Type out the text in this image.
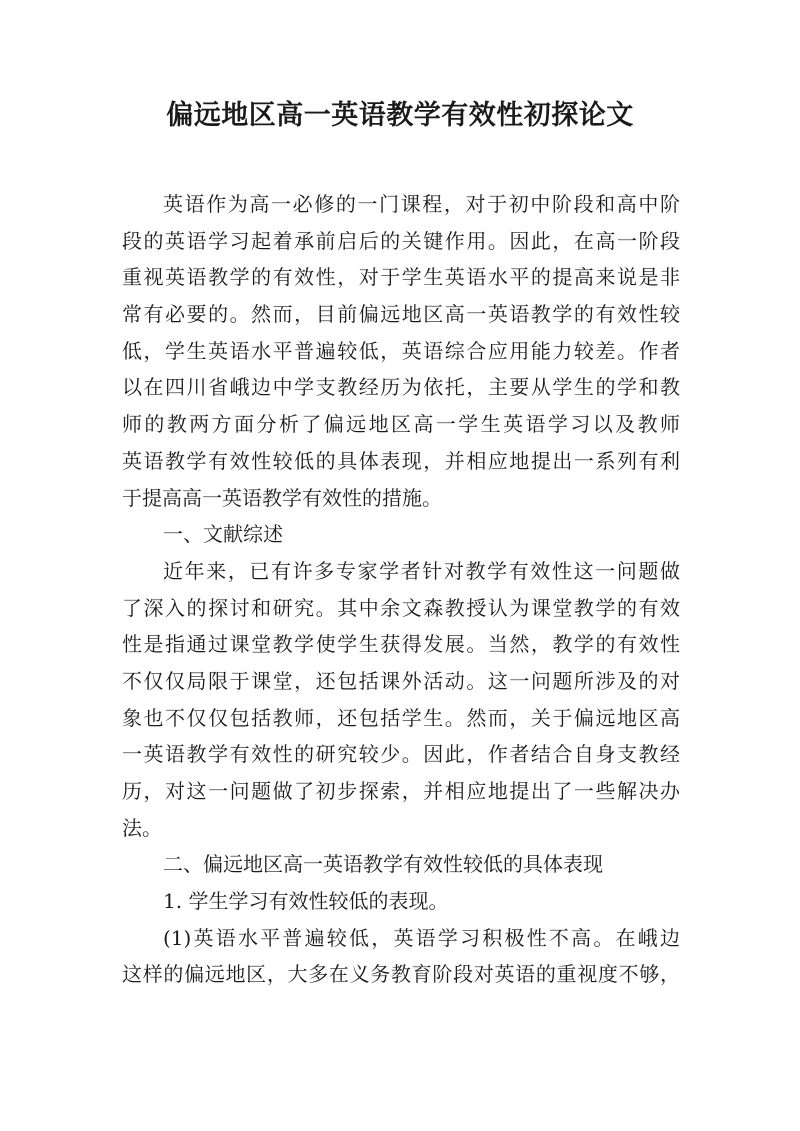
偏远地区高一英语教学有效性初探论文
英语作为高一必修的一门课程，对于初中阶段和高中阶
段的英语学习起着承前启后的关键作用。因此，在高一阶段
重视英语教学的有效性，对于学生英语水平的提高来说是非
常有必要的。然而，目前偏远地区高一英语教学的有效性较
低，学生英语水平普遍较低，英语综合应用能力较差。作者
以在四川省峨边中学支教经历为依托，主要从学生的学和教
师的教两方面分析了偏远地区高一学生英语学习以及教师
英语教学有效性较低的具体表现，并相应地提出一系列有利
于提高高一英语教学有效性的措施。
一、文献综述
近年来，已有许多专家学者针对教学有效性这一问题做
了深入的探讨和研究。其中余文森教授认为课堂教学的有效
性是指通过课堂教学使学生获得发展。当然，教学的有效性
不仅仅局限于课堂，还包括课外活动。这一问题所涉及的对
象也不仅仅包括教师，还包括学生。然而，关于偏远地区高
一英语教学有效性的研究较少。因此，作者结合自身支教经
历，对这一问题做了初步探索，并相应地提出了一些解决办
法。
二、偏远地区高一英语教学有效性较低的具体表现
1. 学生学习有效性较低的表现。
(1)英语水平普遍较低，英语学习积极性不高。在峨边
这样的偏远地区，大多在义务教育阶段对英语的重视度不够，
